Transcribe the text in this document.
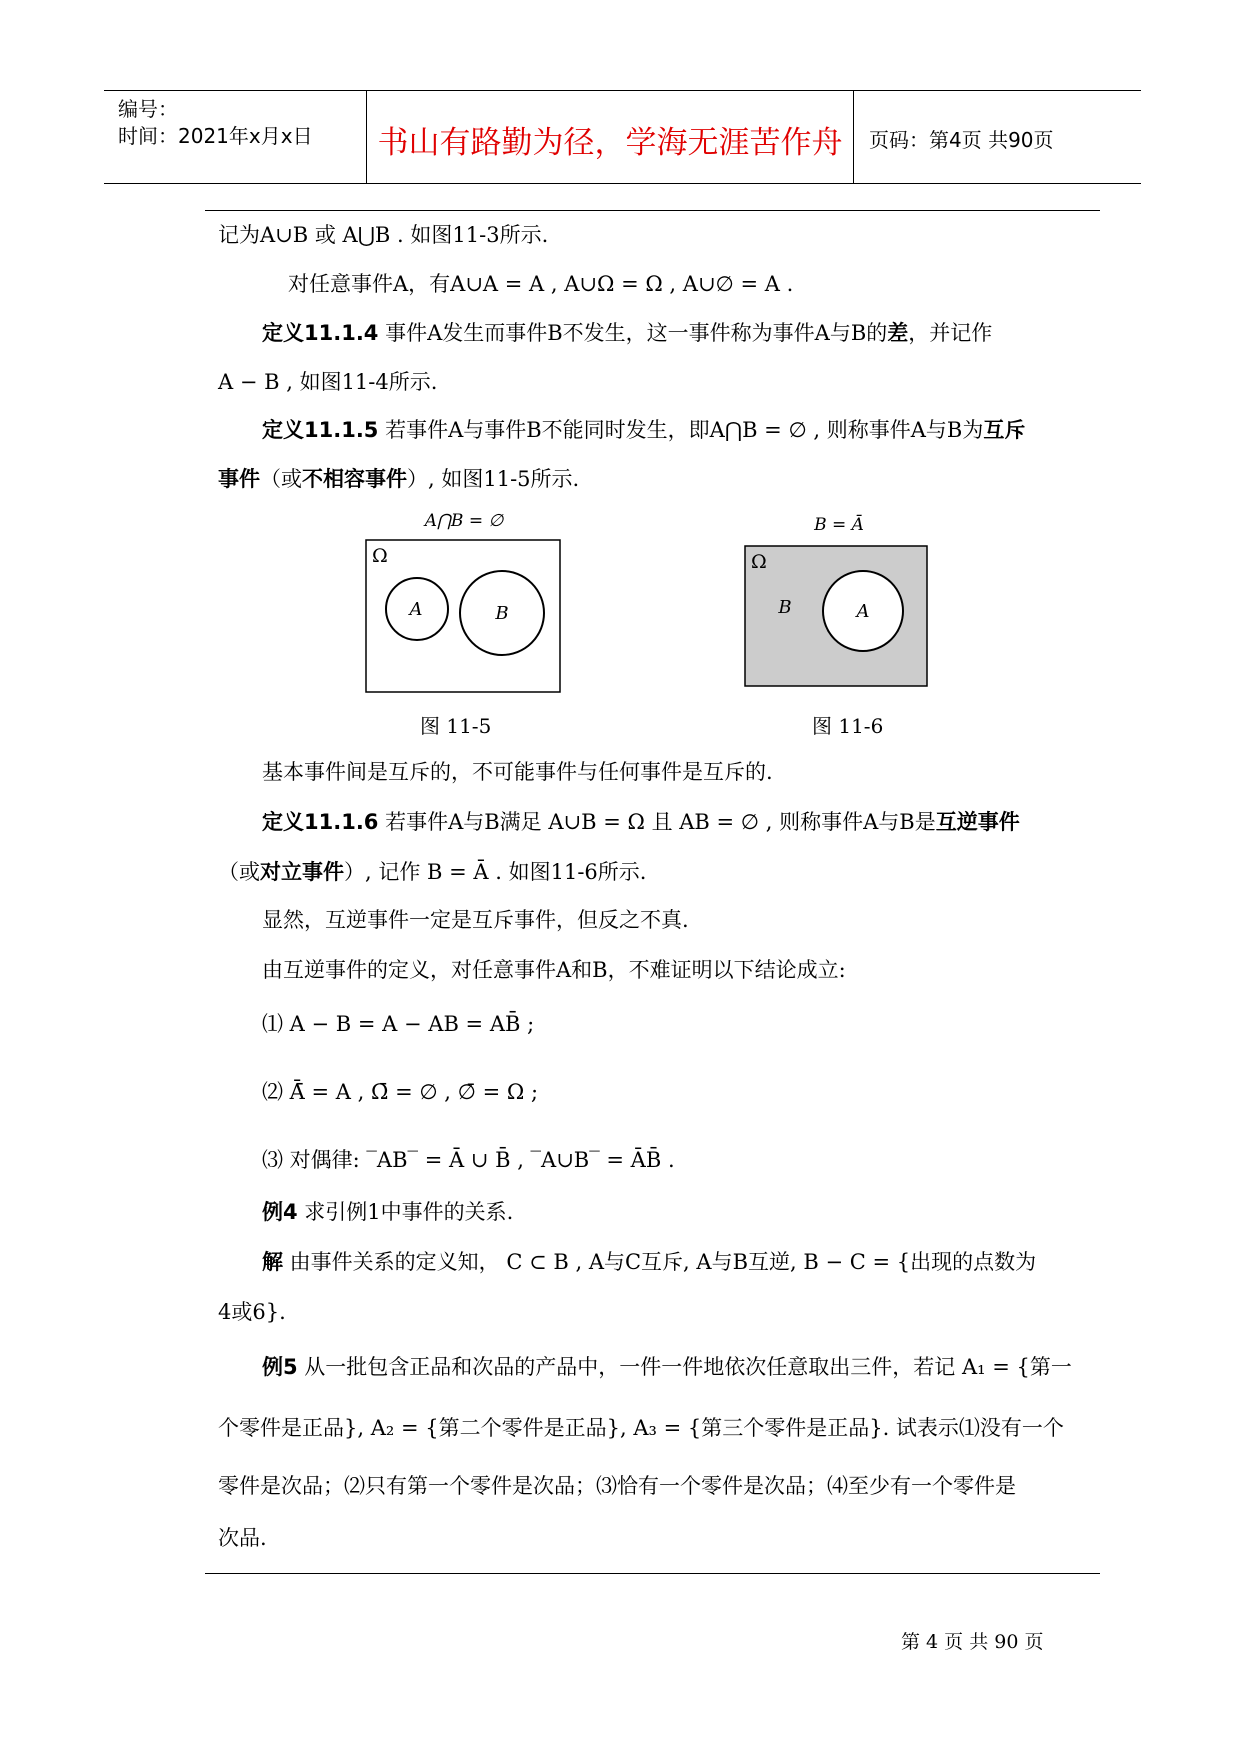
编号：
时间：2021年x月x日 书山有路勤为径，学海无涯苦作舟	页码：第4页 共90页
记为A∪B 或 A⋃B . 如图11-3所示.
对任意事件A，有A∪A = A , A∪Ω = Ω , A∪∅ = A .
定义11.1.4 事件A发生而事件B不发生，这一事件称为事件A与B的差，并记作
A − B , 如图11-4所示.
定义11.1.5 若事件A与事件B不能同时发生，即A⋂B = ∅ , 则称事件A与B为互斥
事件（或不相容事件）, 如图11-5所示.
A⋂B = ∅
Ω
A	B
图 11-5
B = Ā
Ω
B	A
图 11-6
基本事件间是互斥的，不可能事件与任何事件是互斥的.
定义11.1.6 若事件A与B满足 A∪B = Ω 且 AB = ∅ , 则称事件A与B是互逆事件
（或对立事件）, 记作 B = Ā . 如图11-6所示.
显然，互逆事件一定是互斥事件，但反之不真.
由互逆事件的定义，对任意事件A和B，不难证明以下结论成立:
⑴ A − B = A − AB = AB̄ ;
⑵ Ā̄ = A , Ω̄ = ∅ , ∅̄ = Ω ;
⑶ 对偶律: ‾AB‾ = Ā ∪ B̄ , ‾A∪B‾ = ĀB̄ .
例4 求引例1中事件的关系.
解 由事件关系的定义知， C ⊂ B , A与C互斥, A与B互逆, B − C = {出现的点数为
4或6}.
例5 从一批包含正品和次品的产品中，一件一件地依次任意取出三件，若记 A₁ = {第一
个零件是正品}, A₂ = {第二个零件是正品}, A₃ = {第三个零件是正品}. 试表示⑴没有一个
零件是次品；⑵只有第一个零件是次品；⑶恰有一个零件是次品；⑷至少有一个零件是
次品.
第 4 页 共 90 页
